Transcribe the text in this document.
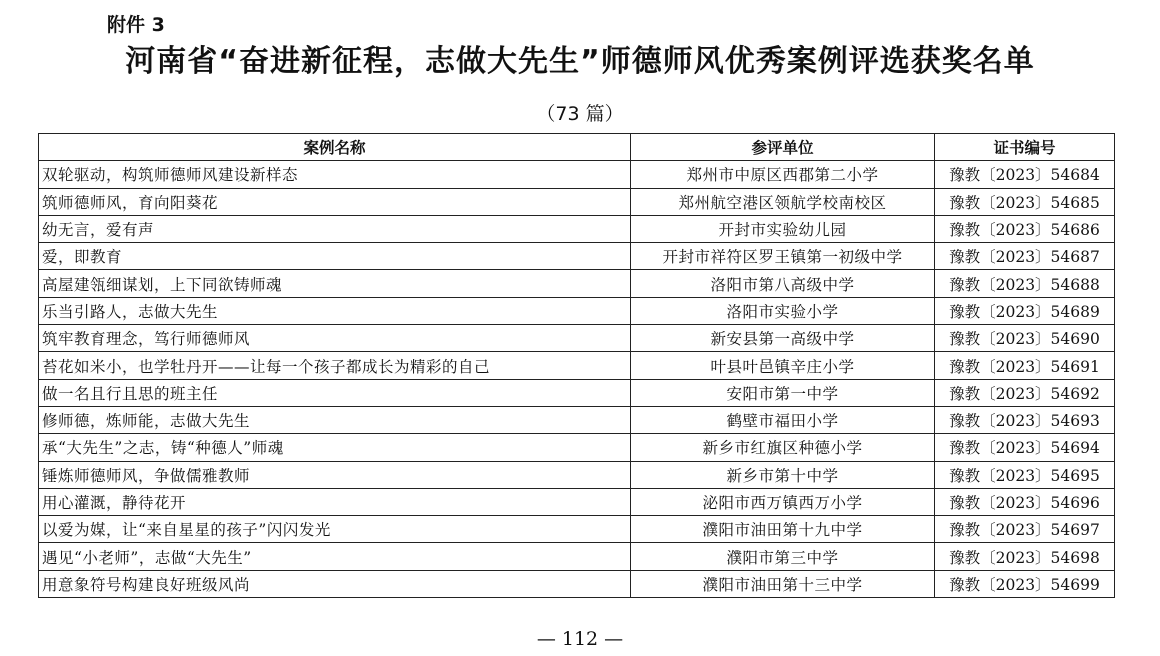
附件 3
河南省“奋进新征程，志做大先生”师德师风优秀案例评选获奖名单
（73 篇）
案例名称	参评单位	证书编号
双轮驱动，构筑师德师风建设新样态	郑州市中原区西郡第二小学	豫教〔2023〕54684
筑师德师风，育向阳葵花	郑州航空港区领航学校南校区	豫教〔2023〕54685
幼无言，爱有声	开封市实验幼儿园	豫教〔2023〕54686
爱，即教育	开封市祥符区罗王镇第一初级中学	豫教〔2023〕54687
高屋建瓴细谋划，上下同欲铸师魂	洛阳市第八高级中学	豫教〔2023〕54688
乐当引路人，志做大先生	洛阳市实验小学	豫教〔2023〕54689
筑牢教育理念，笃行师德师风	新安县第一高级中学	豫教〔2023〕54690
苔花如米小，也学牡丹开——让每一个孩子都成长为精彩的自己	叶县叶邑镇辛庄小学	豫教〔2023〕54691
做一名且行且思的班主任	安阳市第一中学	豫教〔2023〕54692
修师德，炼师能，志做大先生	鹤壁市福田小学	豫教〔2023〕54693
承“大先生”之志，铸“种德人”师魂	新乡市红旗区种德小学	豫教〔2023〕54694
锤炼师德师风，争做儒雅教师	新乡市第十中学	豫教〔2023〕54695
用心灌溉，静待花开	泌阳市西万镇西万小学	豫教〔2023〕54696
以爱为媒，让“来自星星的孩子”闪闪发光	濮阳市油田第十九中学	豫教〔2023〕54697
遇见“小老师”，志做“大先生”	濮阳市第三中学	豫教〔2023〕54698
用意象符号构建良好班级风尚	濮阳市油田第十三中学	豫教〔2023〕54699
— 112 —
